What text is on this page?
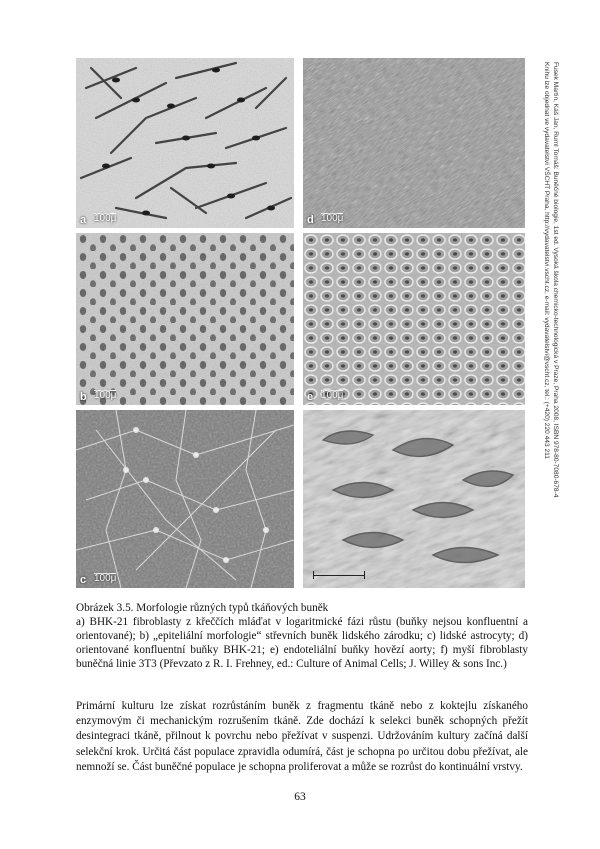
a 100μ	d 100μ
b 100μ	e 100μ
c 100μ
Fusek Martin, Káš Jan, Ruml Tomáš: Buněčné biologie, 1st ed. Vysoká škola chemicko-technologická v Praze, Praha 2008, ISBN 978-80-7080-678-4
Knihu lze objednat ve vydavatelství VŠCHT Praha, http://vydavatelstvi.vscht.cz, e-mail: vydavatelstvi@vscht.cz, tel.: (+420) 220 443 211
Obrázek 3.5. Morfologie různých typů tkáňových buněk
a) BHK-21 fibroblasty z křeččích mláďat v logaritmické fázi růstu (buňky nejsou konfluentní a orientované); b) „epiteliální morfologie“ střevních buněk lidského zárodku; c) lidské astrocyty; d) orientované konfluentní buňky BHK-21; e) endoteliální buňky hovězí aorty; f) myší fibroblasty buněčná linie 3T3 (Převzato z R. I. Frehney, ed.: Culture of Animal Cells; J. Willey & sons Inc.)
Primární kulturu lze získat rozrůstáním buněk z fragmentu tkáně nebo z koktejlu získaného enzymovým či mechanickým rozrušením tkáně. Zde dochází k selekci buněk schopných přežít desintegraci tkáně, přilnout k povrchu nebo přežívat v suspenzi. Udržováním kultury začíná další selekční krok. Určitá část populace zpravidla odumírá, část je schopna po určitou dobu přežívat, ale nemnoží se. Část buněčné populace je schopna proliferovat a může se rozrůst do kontinuální vrstvy.
63
